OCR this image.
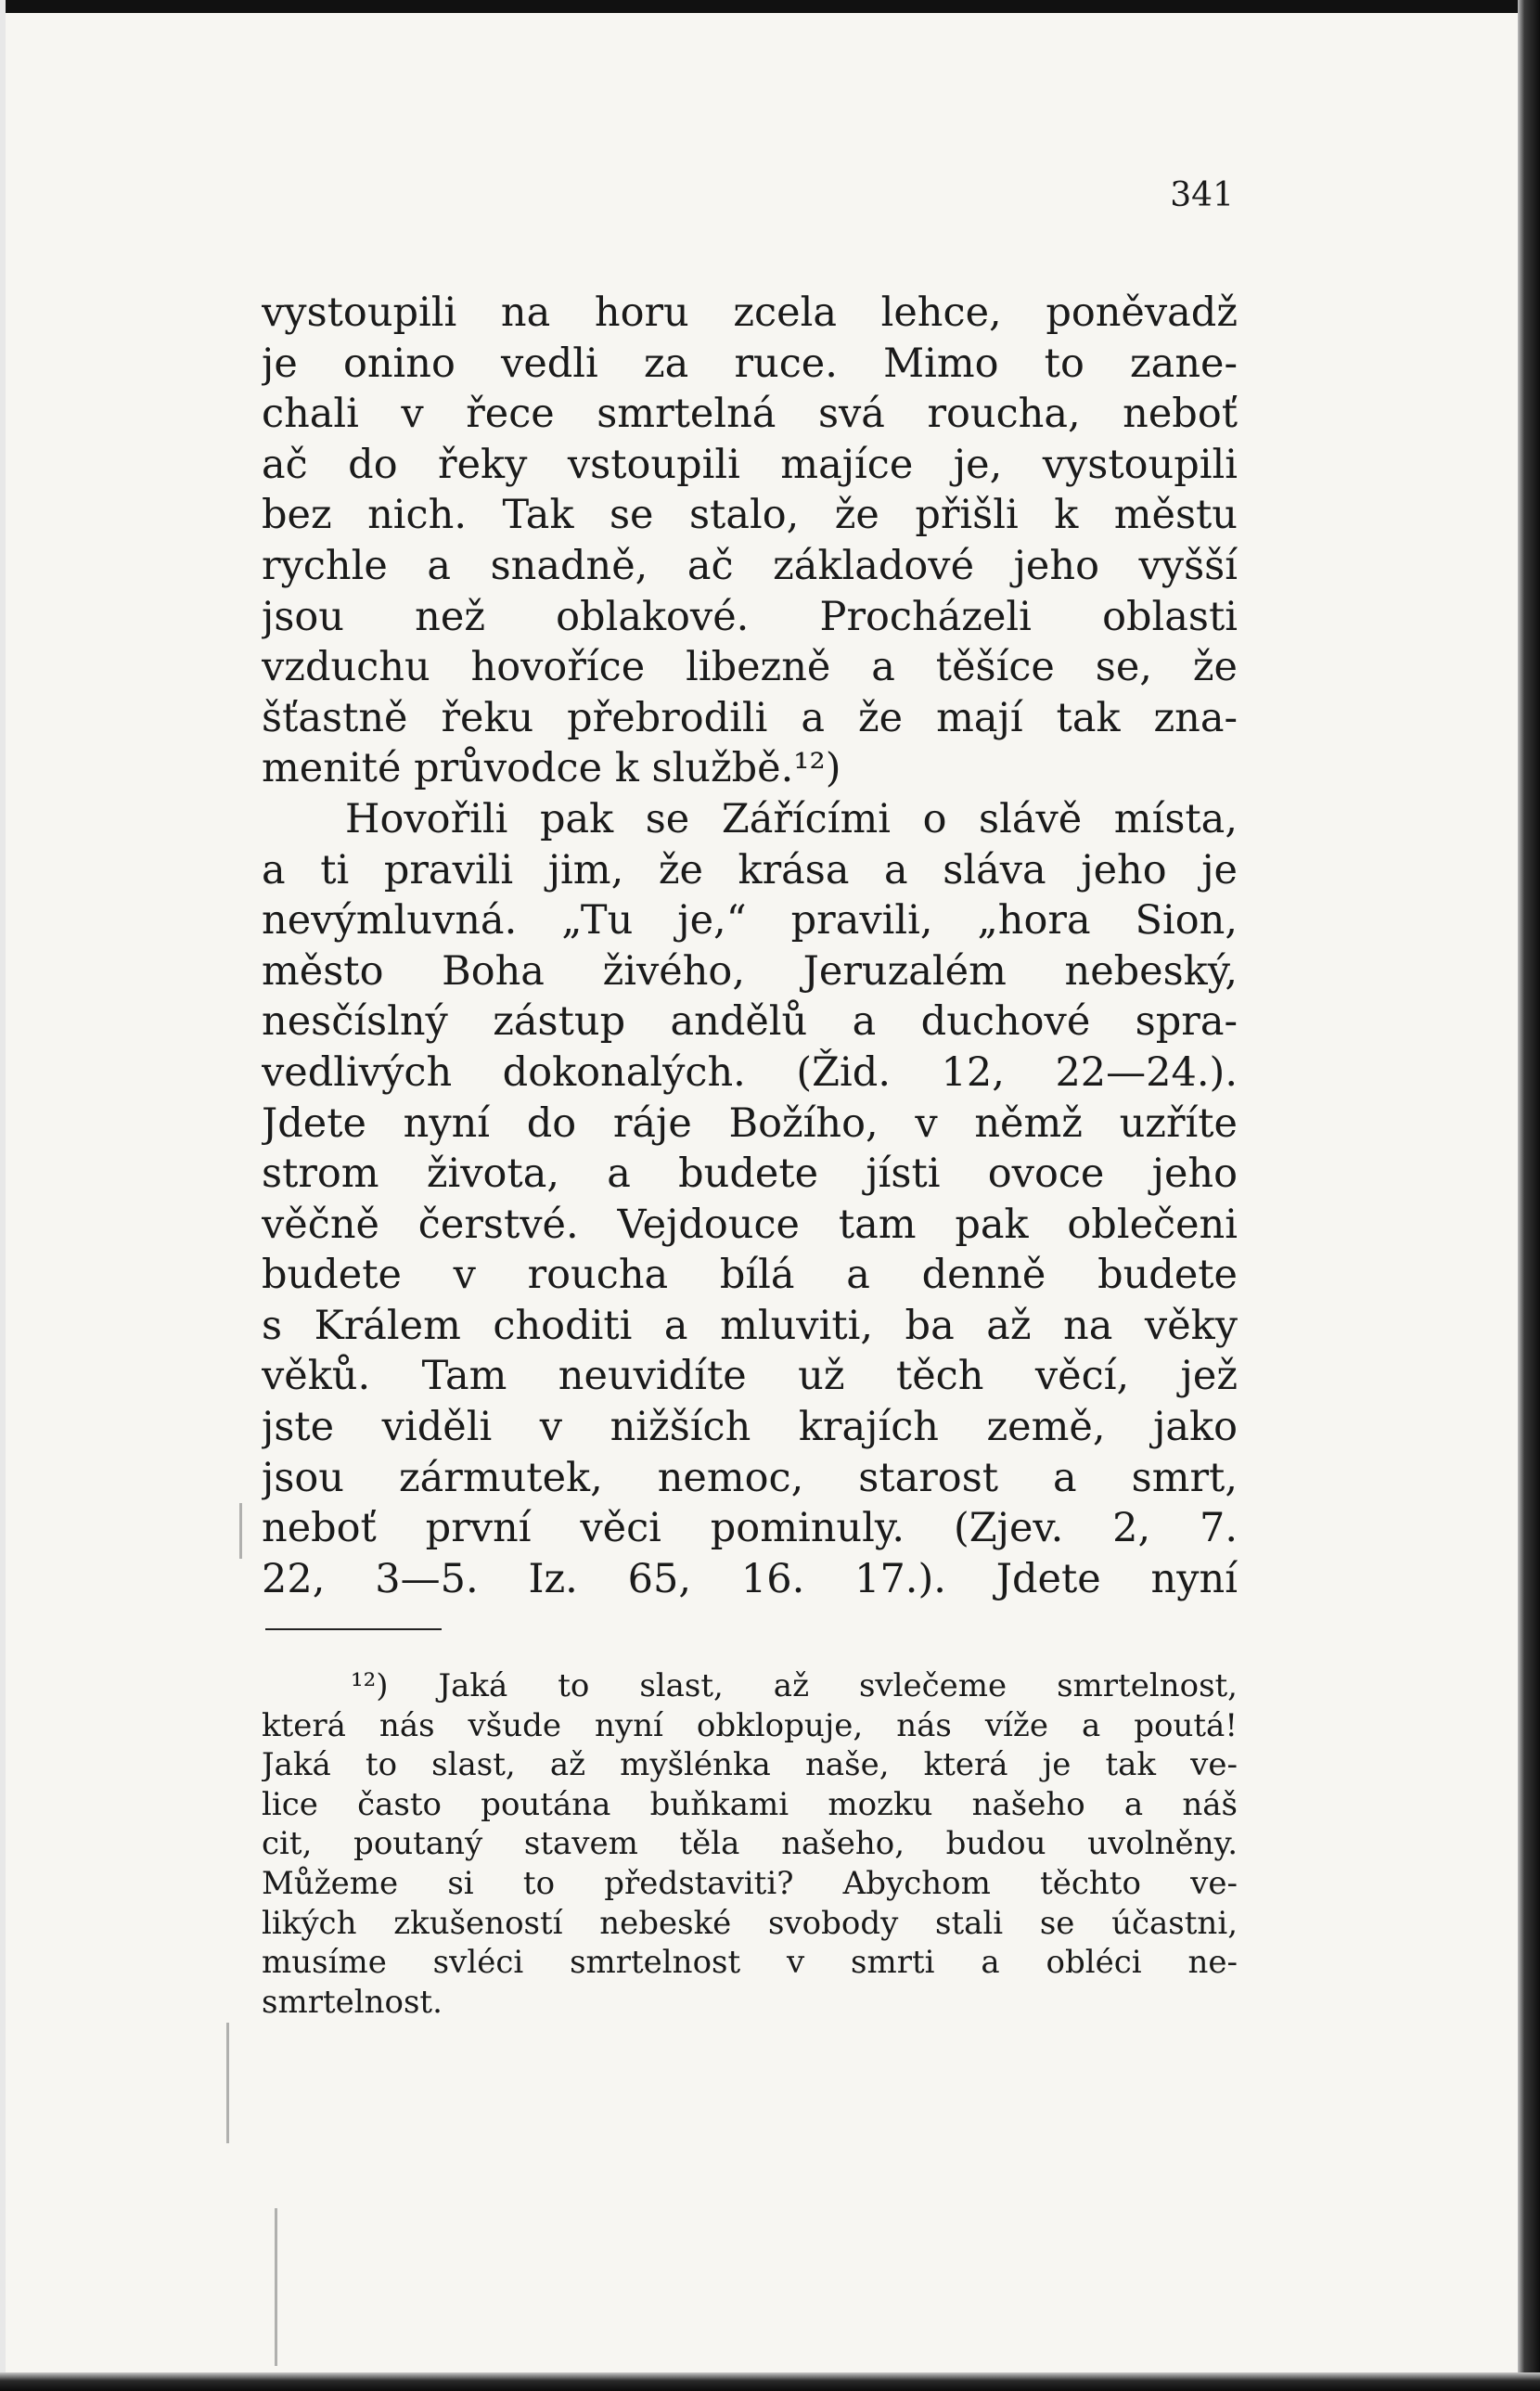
341
vystoupili na horu zcela lehce, poněvadž
je onino vedli za ruce. Mimo to zane-
chali v řece smrtelná svá roucha, neboť
ač do řeky vstoupili majíce je, vystoupili
bez nich. Tak se stalo, že přišli k městu
rychle a snadně, ač základové jeho vyšší
jsou než oblakové. Procházeli oblasti
vzduchu hovoříce libezně a těšíce se, že
šťastně řeku přebrodili a že mají tak zna-
menité průvodce k službě.¹²)
Hovořili pak se Zářícími o slávě místa,
a ti pravili jim, že krása a sláva jeho je
nevýmluvná. „Tu je,“ pravili, „hora Sion,
město Boha živého, Jeruzalém nebeský,
nesčíslný zástup andělů a duchové spra-
vedlivých dokonalých. (Žid. 12, 22—24.).
Jdete nyní do ráje Božího, v němž uzříte
strom života, a budete jísti ovoce jeho
věčně čerstvé. Vejdouce tam pak oblečeni
budete v roucha bílá a denně budete
s Králem choditi a mluviti, ba až na věky
věků. Tam neuvidíte už těch věcí, jež
jste viděli v nižších krajích země, jako
jsou zármutek, nemoc, starost a smrt,
neboť první věci pominuly. (Zjev. 2, 7.
22, 3—5. Iz. 65, 16. 17.). Jdete nyní
¹²) Jaká to slast, až svlečeme smrtelnost,
která nás všude nyní obklopuje, nás víže a poutá!
Jaká to slast, až myšlénka naše, která je tak ve-
lice často poutána buňkami mozku našeho a náš
cit, poutaný stavem těla našeho, budou uvolněny.
Můžeme si to představiti? Abychom těchto ve-
likých zkušeností nebeské svobody stali se účastni,
musíme svléci smrtelnost v smrti a obléci ne-
smrtelnost.
